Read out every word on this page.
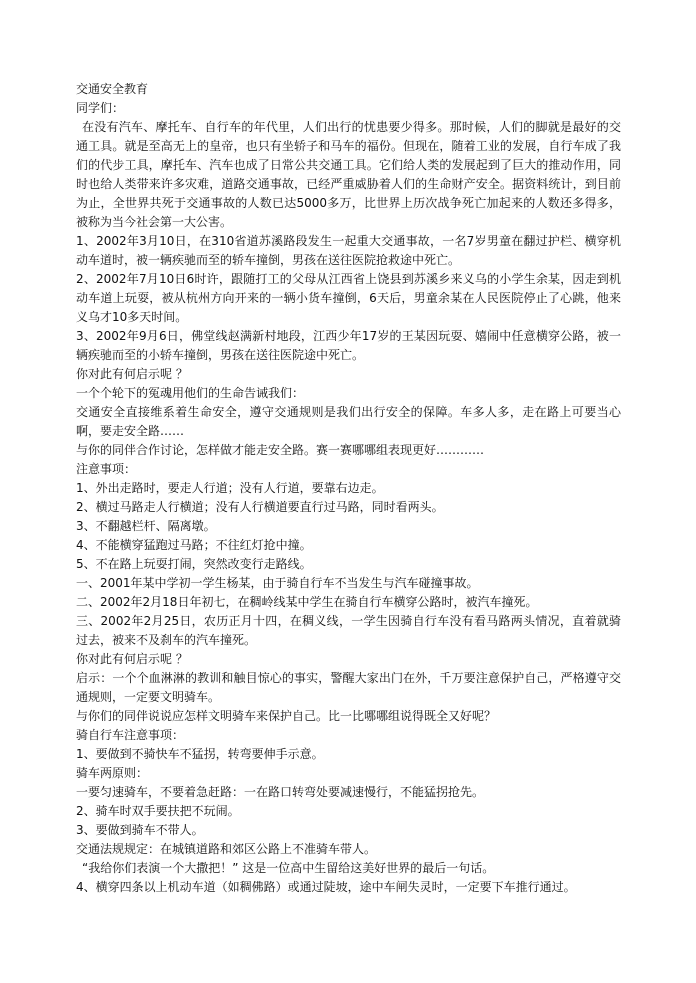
交通安全教育

同学们：

在没有汽车、摩托车、自行车的年代里，人们出行的忧患要少得多。那时候，人们的脚就是最好的交通工具。就是至高无上的皇帝，也只有坐轿子和马车的福份。但现在，随着工业的发展，自行车成了我们的代步工具，摩托车、汽车也成了日常公共交通工具。它们给人类的发展起到了巨大的推动作用，同时也给人类带来许多灾难，道路交通事故，已经严重威胁着人们的生命财产安全。据资料统计，到目前为止，全世界共死于交通事故的人数已达5000多万，比世界上历次战争死亡加起来的人数还多得多，被称为当今社会第一大公害。

1、2002年3月10日，在310省道苏溪路段发生一起重大交通事故，一名7岁男童在翻过护栏、横穿机动车道时，被一辆疾驰而至的轿车撞倒，男孩在送往医院抢救途中死亡。

2、2002年7月10日6时许，跟随打工的父母从江西省上饶县到苏溪乡来义乌的小学生余某，因走到机动车道上玩耍，被从杭州方向开来的一辆小货车撞倒，6天后，男童余某在人民医院停止了心跳，他来义乌才10多天时间。

3、2002年9月6日，佛堂线赵满新村地段，江西少年17岁的王某因玩耍、嬉闹中任意横穿公路，被一辆疾驰而至的小轿车撞倒，男孩在送往医院途中死亡。

你对此有何启示呢 ？

一个个轮下的冤魂用他们的生命告诫我们：

交通安全直接维系着生命安全，遵守交通规则是我们出行安全的保障。车多人多，走在路上可要当心啊，要走安全路……

与你的同伴合作讨论，怎样做才能走安全路。赛一赛哪哪组表现更好…………

注意事项：

1、外出走路时，要走人行道；没有人行道，要靠右边走。

2、横过马路走人行横道；没有人行横道要直行过马路，同时看两头。

3、不翻越栏杆、隔离墩。

4、不能横穿猛跑过马路；不往红灯抢中撞。

5、不在路上玩耍打闹，突然改变行走路线。

一、2001年某中学初一学生杨某，由于骑自行车不当发生与汽车碰撞事故。

二、2002年2月18日年初七，在稠岭线某中学生在骑自行车横穿公路时，被汽车撞死。

三、2002年2月25日，农历正月十四，在稠义线，一学生因骑自行车没有看马路两头情况，直着就骑过去，被来不及刹车的汽车撞死。

你对此有何启示呢 ？

启示：一个个血淋淋的教训和触目惊心的事实，警醒大家出门在外，千万要注意保护自己，严格遵守交通规则，一定要文明骑车。

与你们的同伴说说应怎样文明骑车来保护自己。比一比哪哪组说得既全又好呢？

骑自行车注意事项：

1、要做到不骑快车不猛拐，转弯要伸手示意。

骑车两原则：

一要匀速骑车，不要着急赶路：一在路口转弯处要减速慢行，不能猛拐抢先。

2、骑车时双手要扶把不玩闹。

3、要做到骑车不带人。

交通法规规定：在城镇道路和郊区公路上不准骑车带人。

“我给你们表演一个大撒把！” 这是一位高中生留给这美好世界的最后一句话。

4、横穿四条以上机动车道（如稠佛路）或通过陡坡，途中车闸失灵时，一定要下车推行通过。
